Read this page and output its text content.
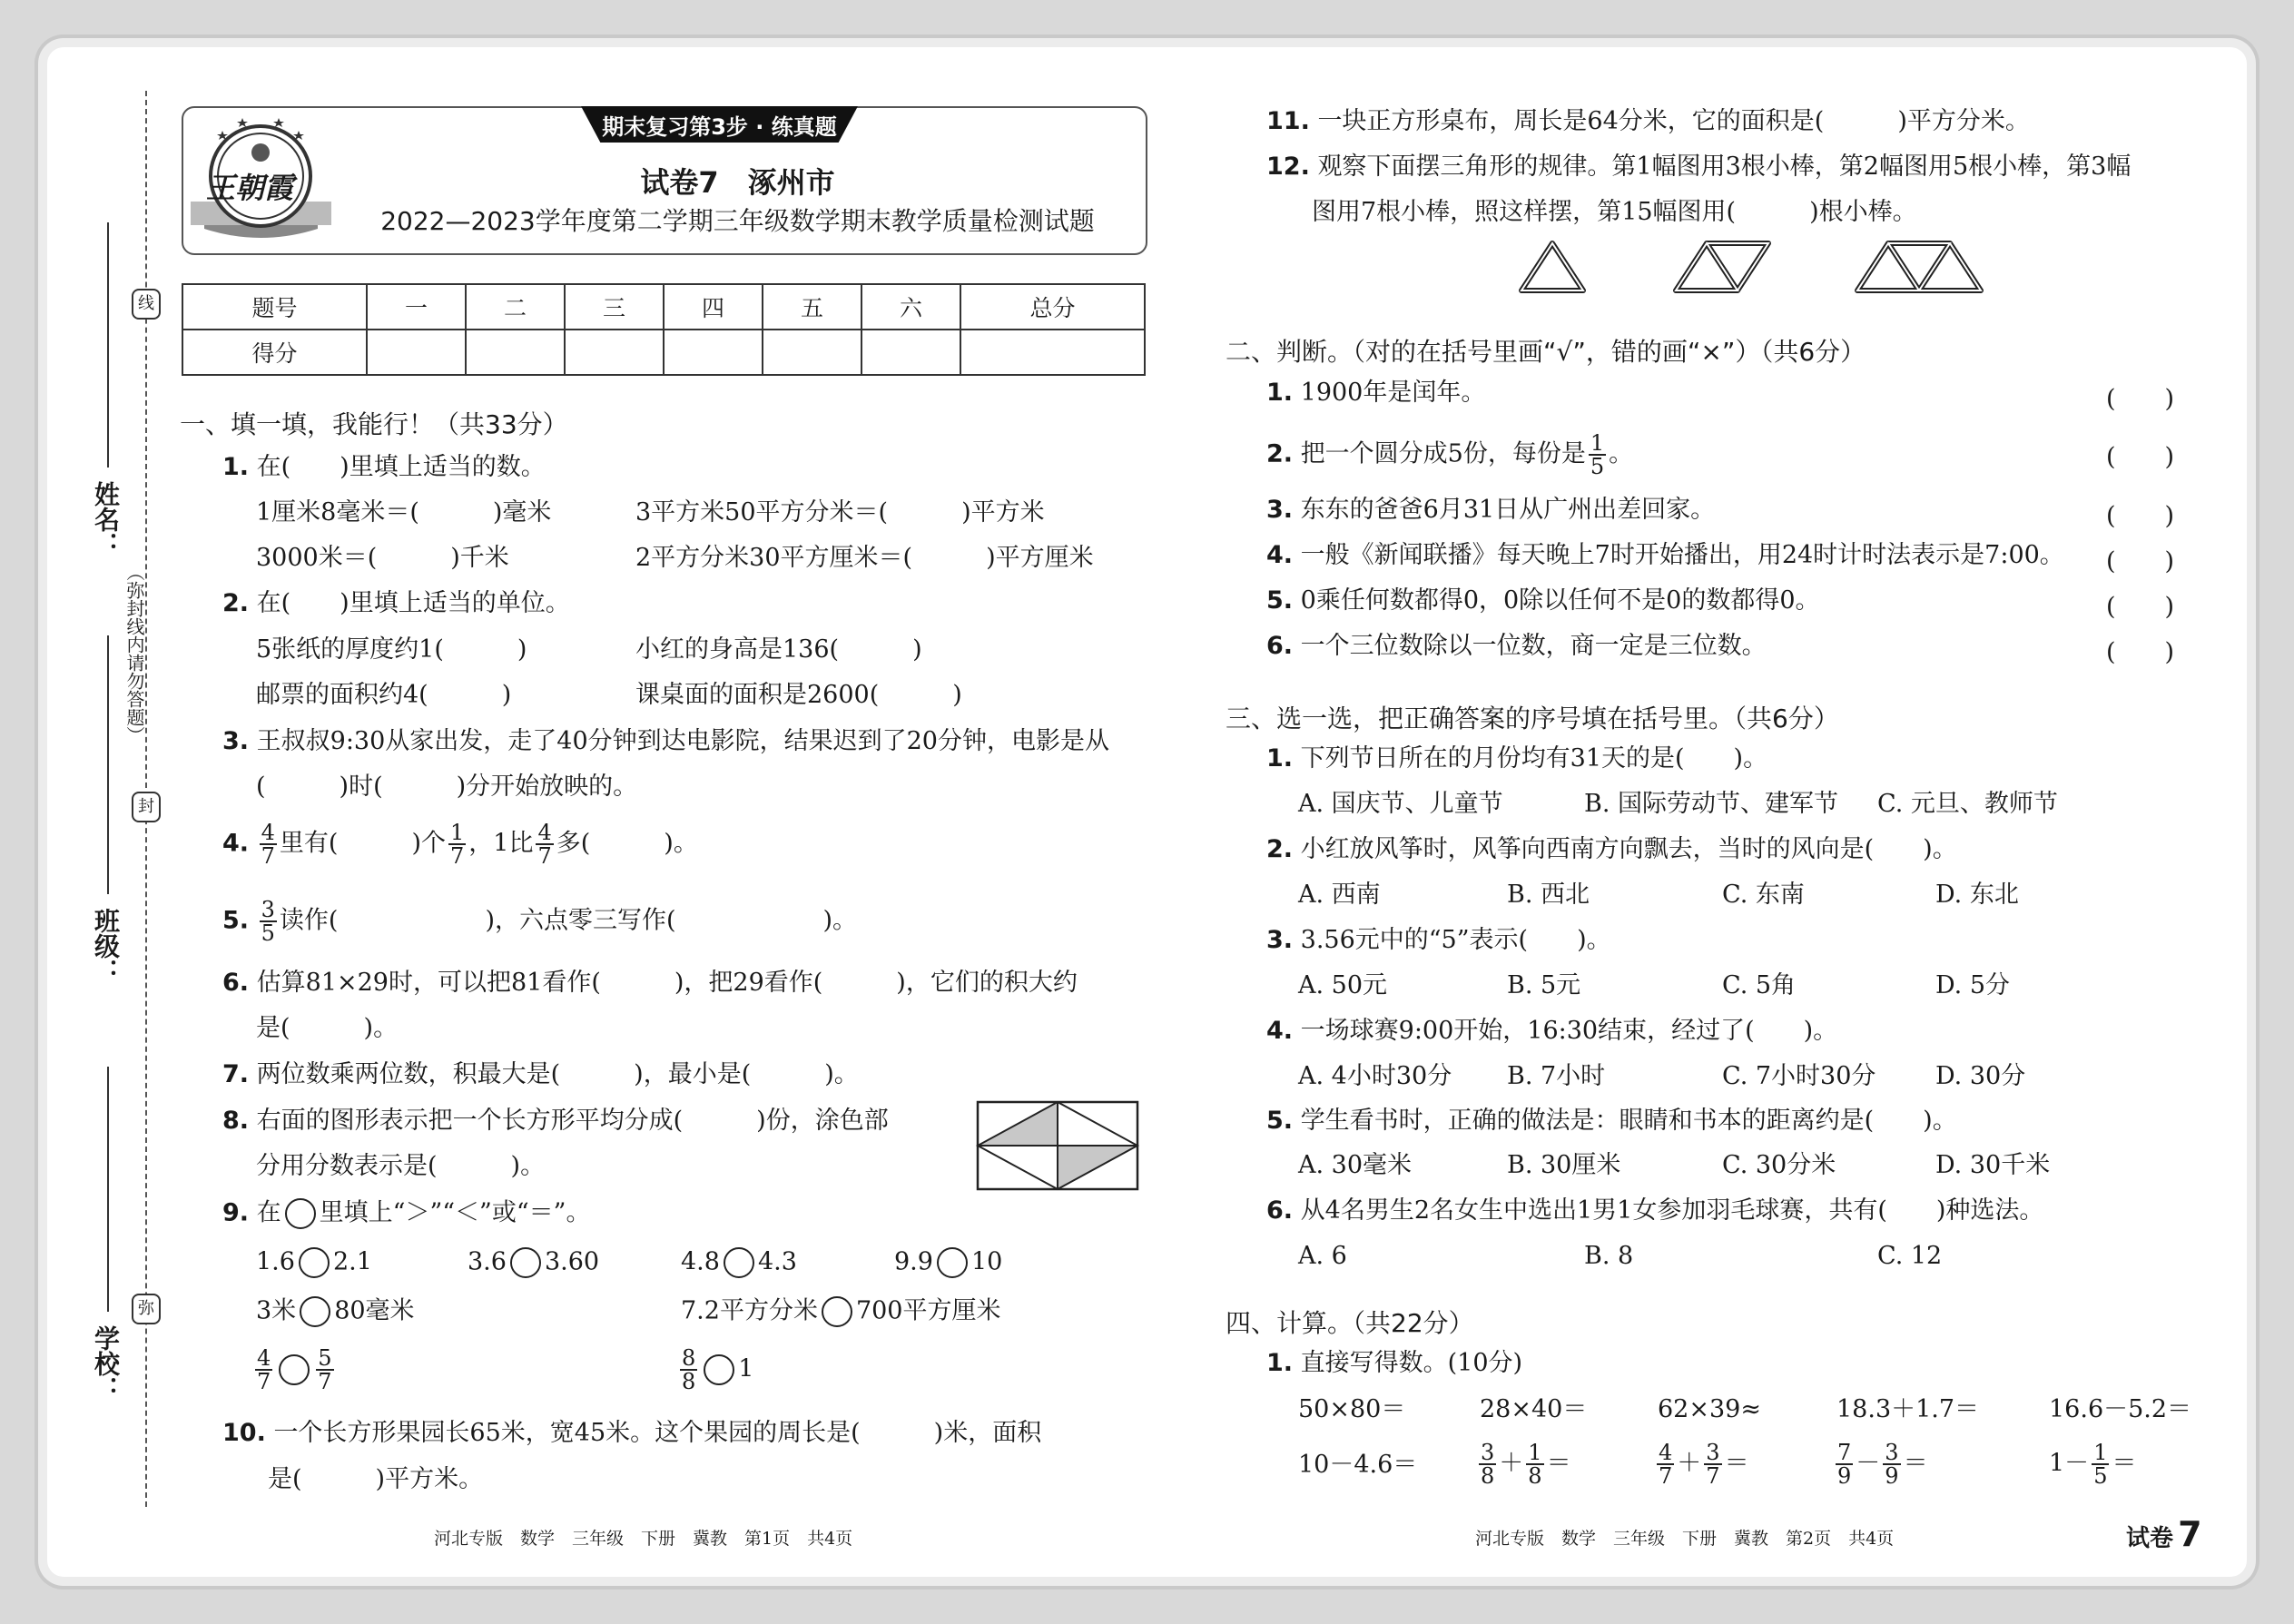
姓名：
班级：
学校：
（弥封线内请勿答题）
线
封
弥
王朝霞
期末复习第3步 · 练真题
试卷7　涿州市
2022—2023学年度第二学期三年级数学期末教学质量检测试题
题号	一	二	三	四	五	六	总分
得分							
一、填一填，我能行！（共33分）
1. 在(　　)里填上适当的数。
1厘米8毫米＝(　　　)毫米	3平方米50平方分米＝(　　　)平方米
3000米＝(　　　)千米	2平方分米30平方厘米＝(　　　)平方厘米
2. 在(　　)里填上适当的单位。
5张纸的厚度约1(　　　)	小红的身高是136(　　　)
邮票的面积约4(　　　)	课桌面的面积是2600(　　　)
3. 王叔叔9:30从家出发，走了40分钟到达电影院，结果迟到了20分钟，电影是从
(　　　)时(　　　)分开始放映的。
4. $\frac{4}{7}$ 里有(　　　)个 $\frac{1}{7}$ ，1比 $\frac{4}{7}$ 多(　　　)。
5. $\frac{3}{5}$ 读作(　　　　　　)，六点零三写作(　　　　　　)。
6. 估算81×29时，可以把81看作(　　　)，把29看作(　　　)，它们的积大约
是(　　　)。
7. 两位数乘两位数，积最大是(　　　)，最小是(　　　)。
8. 右面的图形表示把一个长方形平均分成(　　　)份，涂色部
分用分数表示是(　　　)。
9. 在 里填上“＞”“＜”或“＝”。
1.6 2.1	3.6 3.60	4.8 4.3	9.9 10
3米 80毫米	7.2平方分米 700平方厘米
$\frac{4}{7} \frac{5}{7}$	$\frac{8}{8} 1$
10. 一个长方形果园长65米，宽45米。这个果园的周长是(　　　)米，面积
是(　　　)平方米。
河北专版　数学　三年级　下册　冀教　第1页　共4页
11. 一块正方形桌布，周长是64分米，它的面积是(　　　)平方分米。
12. 观察下面摆三角形的规律。第1幅图用3根小棒，第2幅图用5根小棒，第3幅
图用7根小棒，照这样摆，第15幅图用(　　　)根小棒。
二、判断。（对的在括号里画“√”，错的画“×”）（共6分）
1. 1900年是闰年。	(　　)
2. 把一个圆分成5份，每份是 $\frac{1}{5}$ 。	(　　)
3. 东东的爸爸6月31日从广州出差回家。	(　　)
4. 一般《新闻联播》每天晚上7时开始播出，用24时计时法表示是7:00。 (　　)
5. 0乘任何数都得0，0除以任何不是0的数都得0。	(　　)
6. 一个三位数除以一位数，商一定是三位数。	(　　)
三、选一选，把正确答案的序号填在括号里。（共6分）
1. 下列节日所在的月份均有31天的是(　　)。
A. 国庆节、儿童节	B. 国际劳动节、建军节 C. 元旦、教师节
2. 小红放风筝时，风筝向西南方向飘去，当时的风向是(　　)。
A. 西南	B. 西北	C. 东南	D. 东北
3. 3.56元中的“5”表示(　　)。
A. 50元	B. 5元	C. 5角	D. 5分
4. 一场球赛9:00开始，16:30结束，经过了(　　)。
A. 4小时30分 B. 7小时	C. 7小时30分 D. 30分
5. 学生看书时，正确的做法是：眼睛和书本的距离约是(　　)。
A. 30毫米	B. 30厘米	C. 30分米	D. 30千米
6. 从4名男生2名女生中选出1男1女参加羽毛球赛，共有(　　)种选法。
A. 6	B. 8	C. 12
四、计算。（共22分）
1. 直接写得数。(10分)
50×80＝	28×40＝	62×39≈	18.3＋1.7＝	16.6－5.2＝
10－4.6＝	$\frac{3}{8} + \frac{1}{8}$ ＝	$\frac{4}{7} + \frac{3}{7}$ ＝	$\frac{7}{9} - \frac{3}{9}$ ＝	$1- \frac{1}{5}$ ＝
河北专版　数学　三年级　下册　冀教　第2页　共4页	试卷 7
